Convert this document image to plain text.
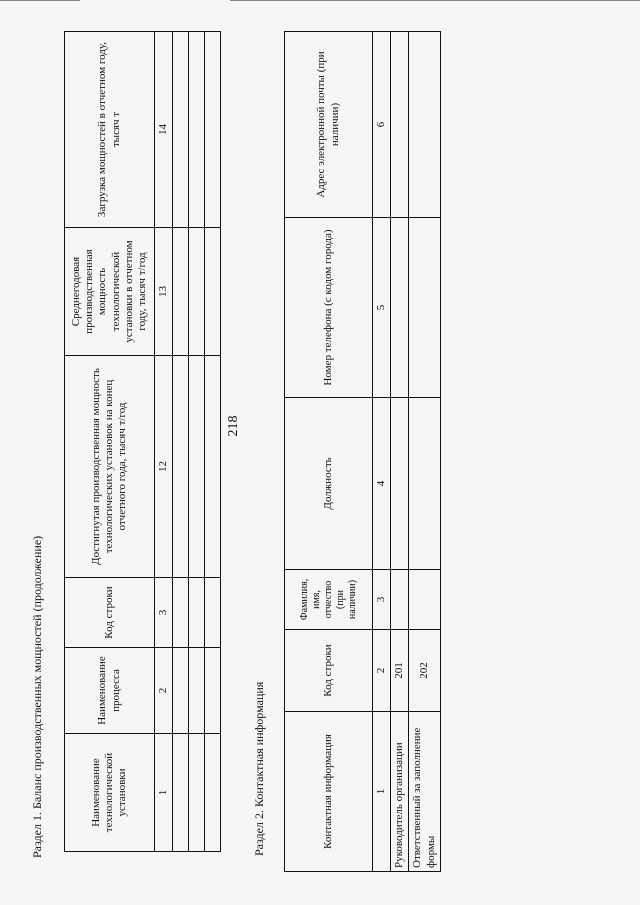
218
Раздел 1. Баланс производственных мощностей (продолжение)	Наименование технологической установки	Наименование процесса	Код строки	Достигнутая производственная мощность технологических установок на конец отчетного года, тысяч т/год	Среднегодовая производственная мощность технологической установки в отчетном году, тысяч т/год	Загрузка мощностей в отчетном году, тысяч т
1	2	3	12	13	14

Раздел 2. Контактная информация	Контактная информация	Код строки	Фамилия, имя, отчество (при наличии)	Должность	Номер телефона (с кодом города)	Адрес электронной почты (при наличии)
1	2	3	4	5	6
Руководитель организации	201				
Ответственный за заполнение формы	202				
